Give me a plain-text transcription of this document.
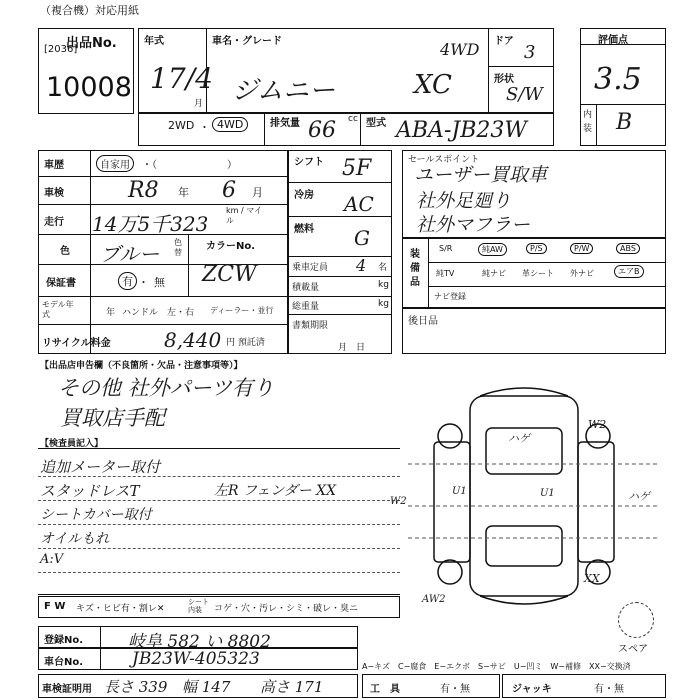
（複合機）対応用紙
出品No.
[2036]
10008
年式
17/4
月
車名・グレード	4WD
ジムニー	XC
ドア
3
形状
S/W
評価点
3.5
内装 B
2WD ・ 4WD	排気量 66 cc 型式 ABA-JB23W
車歴	自家用	・（　　　　　　　）
車検	R8 年 6 月
走行 14万5千323
km / マイル
色 ブルー 色替
カラーNo.
ZCW
保証書	有 ・ 無
モデル年式	年 ハンドル　左・右 ディーラー・並行
リサイクル料金	8,440 円 預託済
シフト 5F
冷房 AC
燃料 G
乗車定員 4 名
積載量	kg
総重量	kg
書類期限
月　日
セールスポイント
ユーザー買取車
社外足廻り
社外マフラー
装備品
S/R	純AW	P/S	P/W	ABS
純TV	純ナビ 革シート 外ナビ	エアB
ナビ登録
後日品
【出品店申告欄（不良箇所・欠品・注意事項等）】
その他 社外パーツ有り
買取店手配
【検査員記入】
追加メーター取付
スタッドレスT
シートカバー取付
左R フェンダー XX
オイルもれ
A:V
ハゲ
W2
U1	U1	ハゲ
XX
W2
AW2
スペア
F W キズ・ヒビ有・割レ✕
シート内装	コゲ・穴・汚レ・シミ・破レ・臭ニ
登録No.	岐阜 582 い 8802
車台No.	JB23W-405323	A−キズ　C−腐食　E−エクボ　S−サビ　U−凹ミ　W−補修　XX−交換済
車検証明用 長さ 339 幅 147 高さ 171	工　具	有・無	ジャッキ	有・無
